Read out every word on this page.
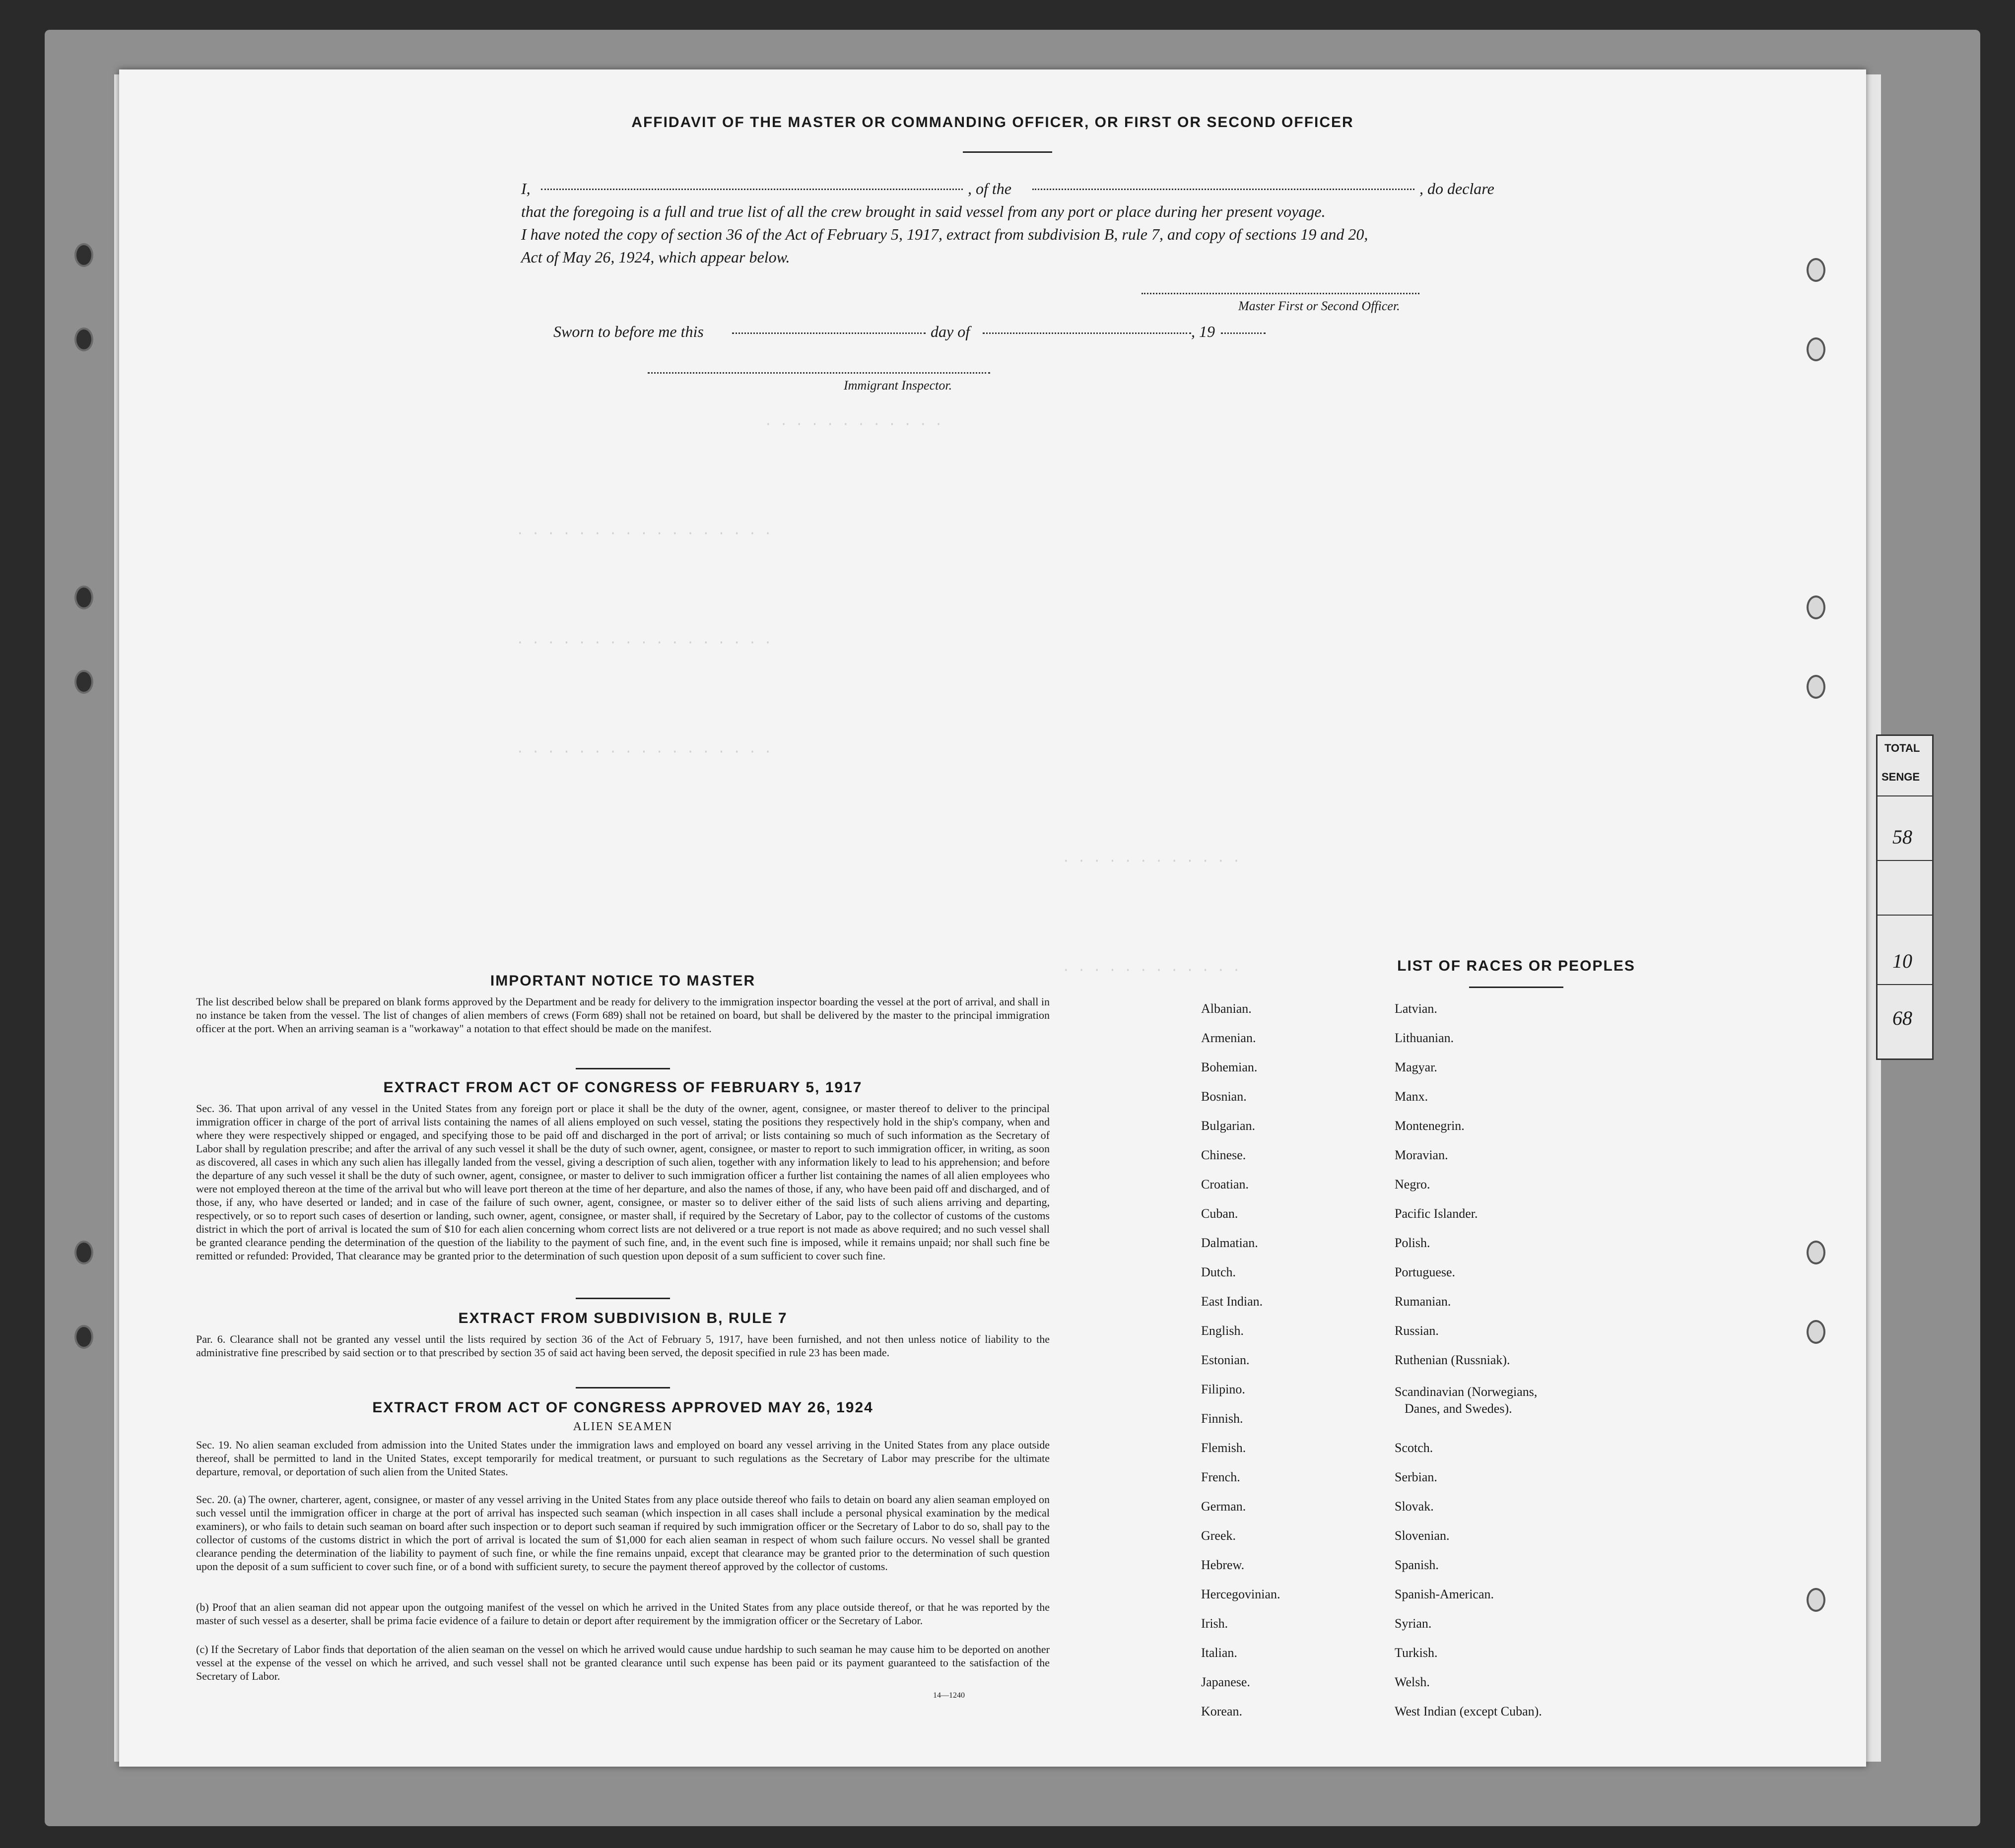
TOTAL
SENGE
58
10
68
· · · · · · · · · · · ·
· · · · · · · · · · · · · · · · ·
· · · · · · · · · · · · · · · · ·
· · · · · · · · · · · · · · · · ·
· · · · · · · · · · · ·
· · · · · · · · · · · ·
AFFIDAVIT OF THE MASTER OR COMMANDING OFFICER, OR FIRST OR SECOND OFFICER
I,	, of the	, do declare
that the foregoing is a full and true list of all the crew brought in said vessel from any port or place during her present voyage.
I have noted the copy of section 36 of the Act of February 5, 1917, extract from subdivision B, rule 7, and copy of sections 19 and 20,
Act of May 26, 1924, which appear below.
Master First or Second Officer.
Sworn to before me this	day of	, 19
Immigrant Inspector.
IMPORTANT NOTICE TO MASTER
The list described below shall be prepared on blank forms approved by the Department and be ready for delivery to the immigration inspector boarding the vessel at the port of arrival, and shall in no instance be taken from the vessel. The list of changes of alien members of crews (Form 689) shall not be retained on board, but shall be delivered by the master to the principal immigration officer at the port. When an arriving seaman is a "workaway" a notation to that effect should be made on the manifest.
EXTRACT FROM ACT OF CONGRESS OF FEBRUARY 5, 1917
Sec. 36. That upon arrival of any vessel in the United States from any foreign port or place it shall be the duty of the owner, agent, consignee, or master thereof to deliver to the principal immigration officer in charge of the port of arrival lists containing the names of all aliens employed on such vessel, stating the positions they respectively hold in the ship's company, when and where they were respectively shipped or engaged, and specifying those to be paid off and discharged in the port of arrival; or lists containing so much of such information as the Secretary of Labor shall by regulation prescribe; and after the arrival of any such vessel it shall be the duty of such owner, agent, consignee, or master to report to such immigration officer, in writing, as soon as discovered, all cases in which any such alien has illegally landed from the vessel, giving a description of such alien, together with any information likely to lead to his apprehension; and before the departure of any such vessel it shall be the duty of such owner, agent, consignee, or master to deliver to such immigration officer a further list containing the names of all alien employees who were not employed thereon at the time of the arrival but who will leave port thereon at the time of her departure, and also the names of those, if any, who have been paid off and discharged, and of those, if any, who have deserted or landed; and in case of the failure of such owner, agent, consignee, or master so to deliver either of the said lists of such aliens arriving and departing, respectively, or so to report such cases of desertion or landing, such owner, agent, consignee, or master shall, if required by the Secretary of Labor, pay to the collector of customs of the customs district in which the port of arrival is located the sum of $10 for each alien concerning whom correct lists are not delivered or a true report is not made as above required; and no such vessel shall be granted clearance pending the determination of the question of the liability to the payment of such fine, and, in the event such fine is imposed, while it remains unpaid; nor shall such fine be remitted or refunded: Provided, That clearance may be granted prior to the determination of such question upon deposit of a sum sufficient to cover such fine.
EXTRACT FROM SUBDIVISION B, RULE 7
Par. 6. Clearance shall not be granted any vessel until the lists required by section 36 of the Act of February 5, 1917, have been furnished, and not then unless notice of liability to the administrative fine prescribed by said section or to that prescribed by section 35 of said act having been served, the deposit specified in rule 23 has been made.
EXTRACT FROM ACT OF CONGRESS APPROVED MAY 26, 1924
ALIEN SEAMEN
Sec. 19. No alien seaman excluded from admission into the United States under the immigration laws and employed on board any vessel arriving in the United States from any place outside thereof, shall be permitted to land in the United States, except temporarily for medical treatment, or pursuant to such regulations as the Secretary of Labor may prescribe for the ultimate departure, removal, or deportation of such alien from the United States.
Sec. 20. (a) The owner, charterer, agent, consignee, or master of any vessel arriving in the United States from any place outside thereof who fails to detain on board any alien seaman employed on such vessel until the immigration officer in charge at the port of arrival has inspected such seaman (which inspection in all cases shall include a personal physical examination by the medical examiners), or who fails to detain such seaman on board after such inspection or to deport such seaman if required by such immigration officer or the Secretary of Labor to do so, shall pay to the collector of customs of the customs district in which the port of arrival is located the sum of $1,000 for each alien seaman in respect of whom such failure occurs. No vessel shall be granted clearance pending the determination of the liability to payment of such fine, or while the fine remains unpaid, except that clearance may be granted prior to the determination of such question upon the deposit of a sum sufficient to cover such fine, or of a bond with sufficient surety, to secure the payment thereof approved by the collector of customs.
(b) Proof that an alien seaman did not appear upon the outgoing manifest of the vessel on which he arrived in the United States from any place outside thereof, or that he was reported by the master of such vessel as a deserter, shall be prima facie evidence of a failure to detain or deport after requirement by the immigration officer or the Secretary of Labor.
(c) If the Secretary of Labor finds that deportation of the alien seaman on the vessel on which he arrived would cause undue hardship to such seaman he may cause him to be deported on another vessel at the expense of the vessel on which he arrived, and such vessel shall not be granted clearance until such expense has been paid or its payment guaranteed to the satisfaction of the Secretary of Labor.
14—1240
LIST OF RACES OR PEOPLES
Albanian.
Armenian.
Bohemian.
Bosnian.
Bulgarian.
Chinese.
Croatian.
Cuban.
Dalmatian.
Dutch.
East Indian.
English.
Estonian.
Filipino.
Finnish.
Flemish.
French.
German.
Greek.
Hebrew.
Hercegovinian.
Irish.
Italian.
Japanese.
Korean.
Latvian.
Lithuanian.
Magyar.
Manx.
Montenegrin.
Moravian.
Negro.
Pacific Islander.
Polish.
Portuguese.
Rumanian.
Russian.
Ruthenian (Russniak).
Scandinavian (Norwegians,
Danes, and Swedes).
Scotch.
Serbian.
Slovak.
Slovenian.
Spanish.
Spanish-American.
Syrian.
Turkish.
Welsh.
West Indian (except Cuban).
